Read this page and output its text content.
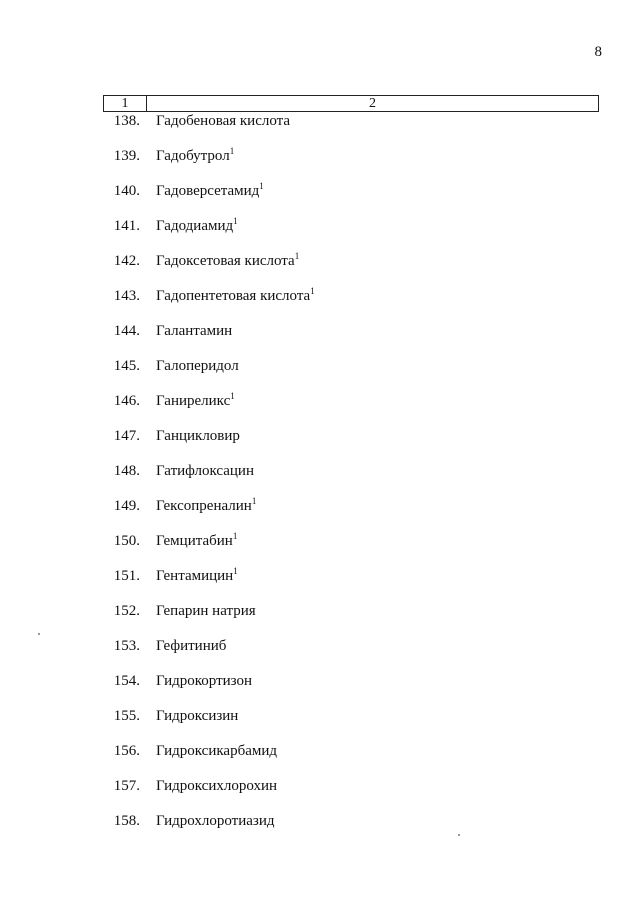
8
1	2
138. Гадобеновая кислота
139. Гадобутрол$^1$
140. Гадоверсетамид$^1$
141. Гадодиамид$^1$
142. Гадоксетовая кислота$^1$
143. Гадопентетовая кислота$^1$
144. Галантамин
145. Галоперидол
146. Ганиреликс$^1$
147. Ганцикловир
148. Гатифлоксацин
149. Гексопреналин$^1$
150. Гемцитабин$^1$
151. Гентамицин$^1$
152. Гепарин натрия
153. Гефитиниб
154. Гидрокортизон
155. Гидроксизин
156. Гидроксикарбамид
157. Гидроксихлорохин
158. Гидрохлоротиазид
